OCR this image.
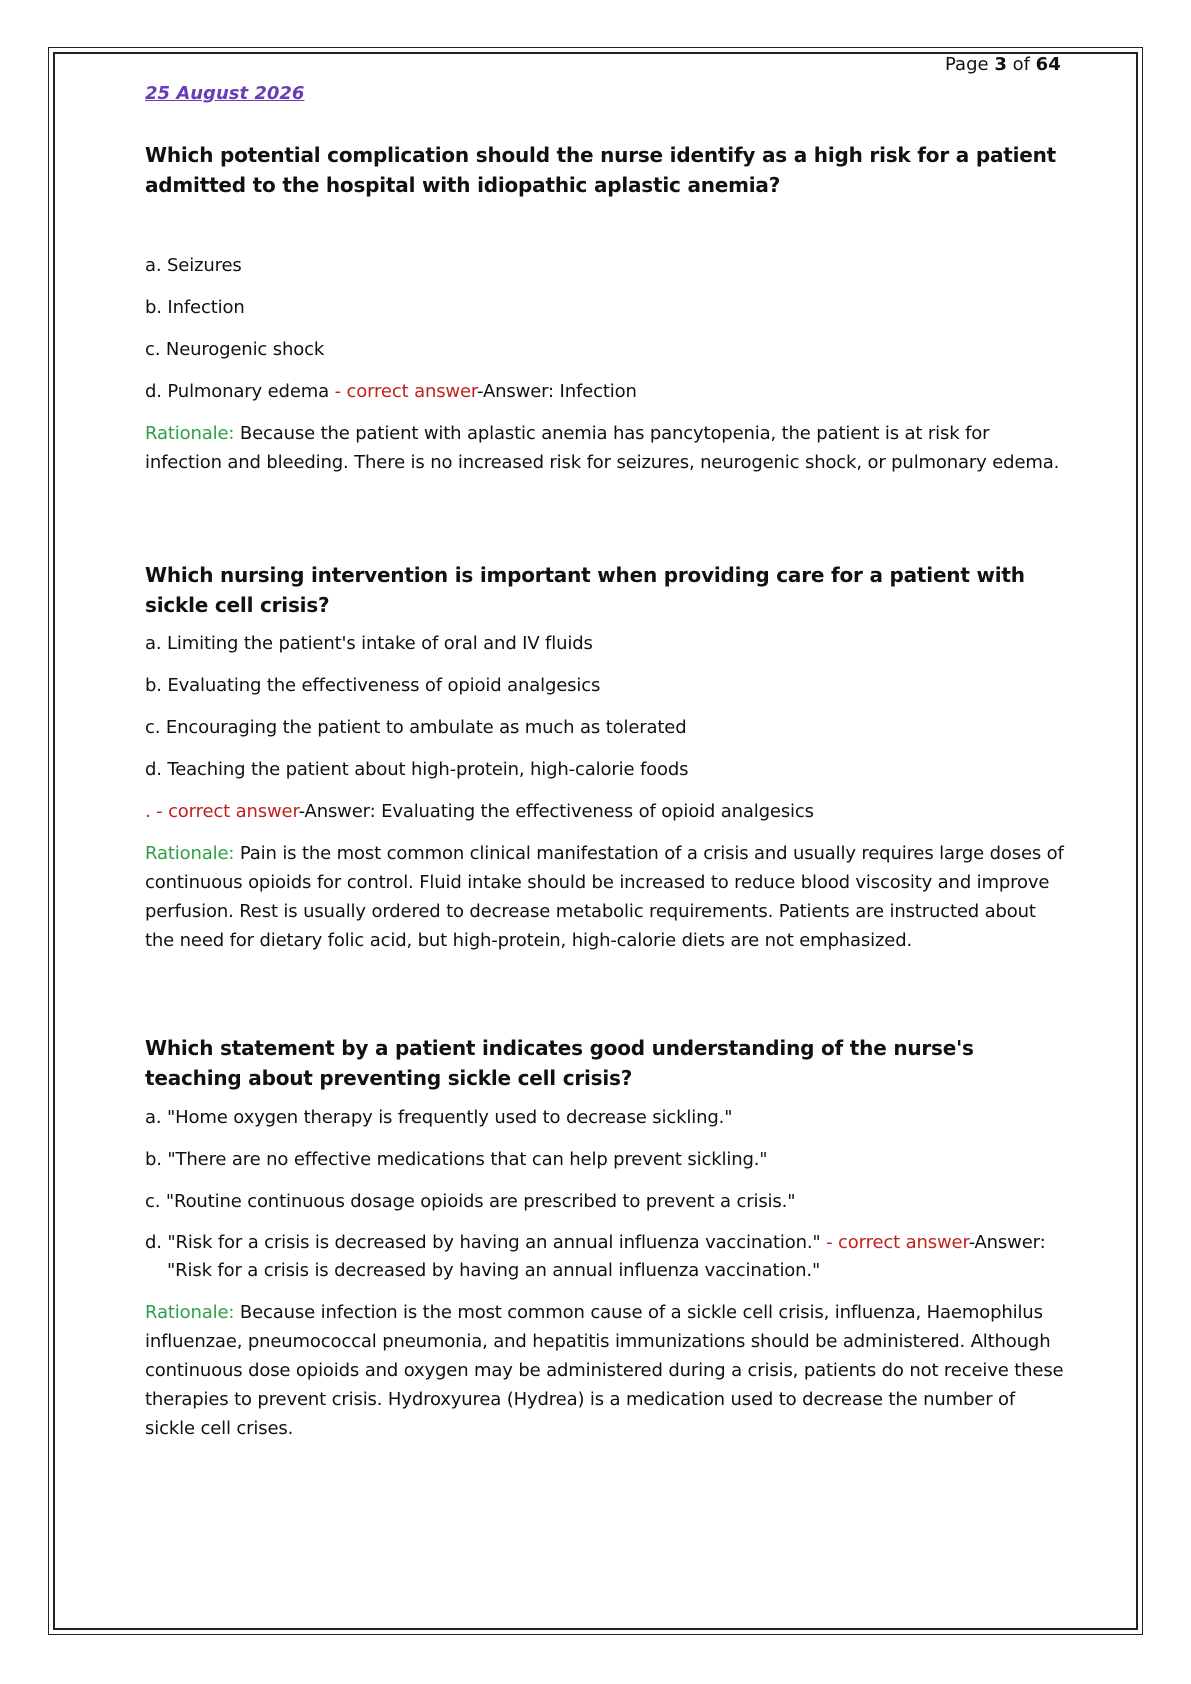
Page 3 of 64
25 August 2026
Which potential complication should the nurse identify as a high risk for a patient admitted to the hospital with idiopathic aplastic anemia?
a. Seizures
b. Infection
c. Neurogenic shock
d. Pulmonary edema - correct answer-Answer: Infection
Rationale: Because the patient with aplastic anemia has pancytopenia, the patient is at risk for infection and bleeding. There is no increased risk for seizures, neurogenic shock, or pulmonary edema.
Which nursing intervention is important when providing care for a patient with sickle cell crisis?
a. Limiting the patient's intake of oral and IV fluids
b. Evaluating the effectiveness of opioid analgesics
c. Encouraging the patient to ambulate as much as tolerated
d. Teaching the patient about high-protein, high-calorie foods
. - correct answer-Answer: Evaluating the effectiveness of opioid analgesics
Rationale: Pain is the most common clinical manifestation of a crisis and usually requires large doses of continuous opioids for control. Fluid intake should be increased to reduce blood viscosity and improve perfusion. Rest is usually ordered to decrease metabolic requirements. Patients are instructed about the need for dietary folic acid, but high-protein, high-calorie diets are not emphasized.
Which statement by a patient indicates good understanding of the nurse's teaching about preventing sickle cell crisis?
a. "Home oxygen therapy is frequently used to decrease sickling."
b. "There are no effective medications that can help prevent sickling."
c. "Routine continuous dosage opioids are prescribed to prevent a crisis."
d. "Risk for a crisis is decreased by having an annual influenza vaccination." - correct answer-Answer:
"Risk for a crisis is decreased by having an annual influenza vaccination."
Rationale: Because infection is the most common cause of a sickle cell crisis, influenza, Haemophilus influenzae, pneumococcal pneumonia, and hepatitis immunizations should be administered. Although continuous dose opioids and oxygen may be administered during a crisis, patients do not receive these therapies to prevent crisis. Hydroxyurea (Hydrea) is a medication used to decrease the number of sickle cell crises.
